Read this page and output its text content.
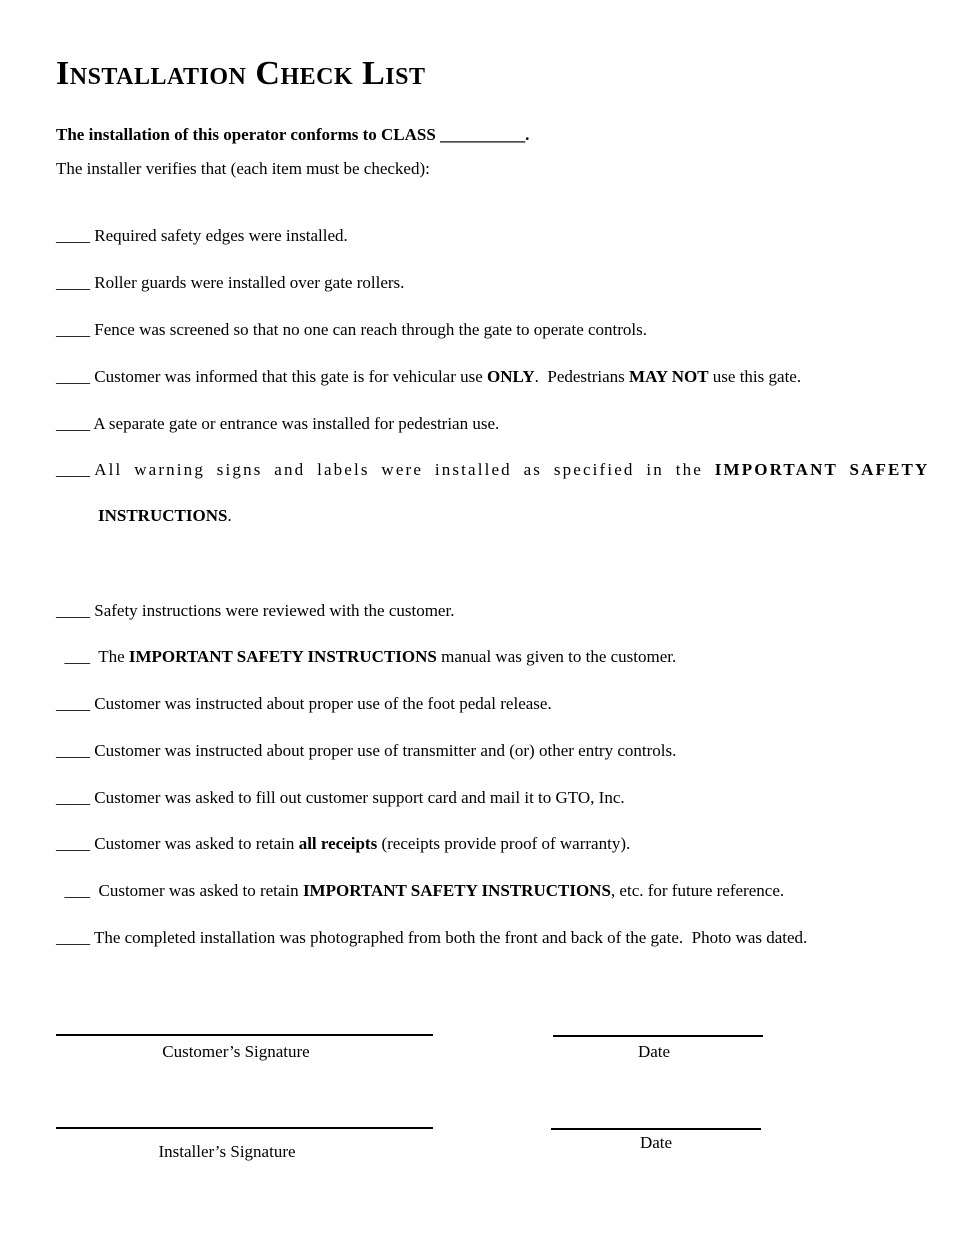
Installation Check List
The installation of this operator conforms to CLASS __________.
The installer verifies that (each item must be checked):
____ Required safety edges were installed.
____ Roller guards were installed over gate rollers.
____ Fence was screened so that no one can reach through the gate to operate controls.
____ Customer was informed that this gate is for vehicular use ONLY.  Pedestrians MAY NOT use this gate.
____ A separate gate or entrance was installed for pedestrian use.
____ All warning signs and labels were installed as specified in the IMPORTANT SAFETY
INSTRUCTIONS.
____ Safety instructions were reviewed with the customer.
___  The IMPORTANT SAFETY INSTRUCTIONS manual was given to the customer.
____ Customer was instructed about proper use of the foot pedal release.
____ Customer was instructed about proper use of transmitter and (or) other entry controls.
____ Customer was asked to fill out customer support card and mail it to GTO, Inc.
____ Customer was asked to retain all receipts (receipts provide proof of warranty).
___  Customer was asked to retain IMPORTANT SAFETY INSTRUCTIONS, etc. for future reference.
____ The completed installation was photographed from both the front and back of the gate.  Photo was dated.
Customer’s Signature	Date
Installer’s Signature	Date
